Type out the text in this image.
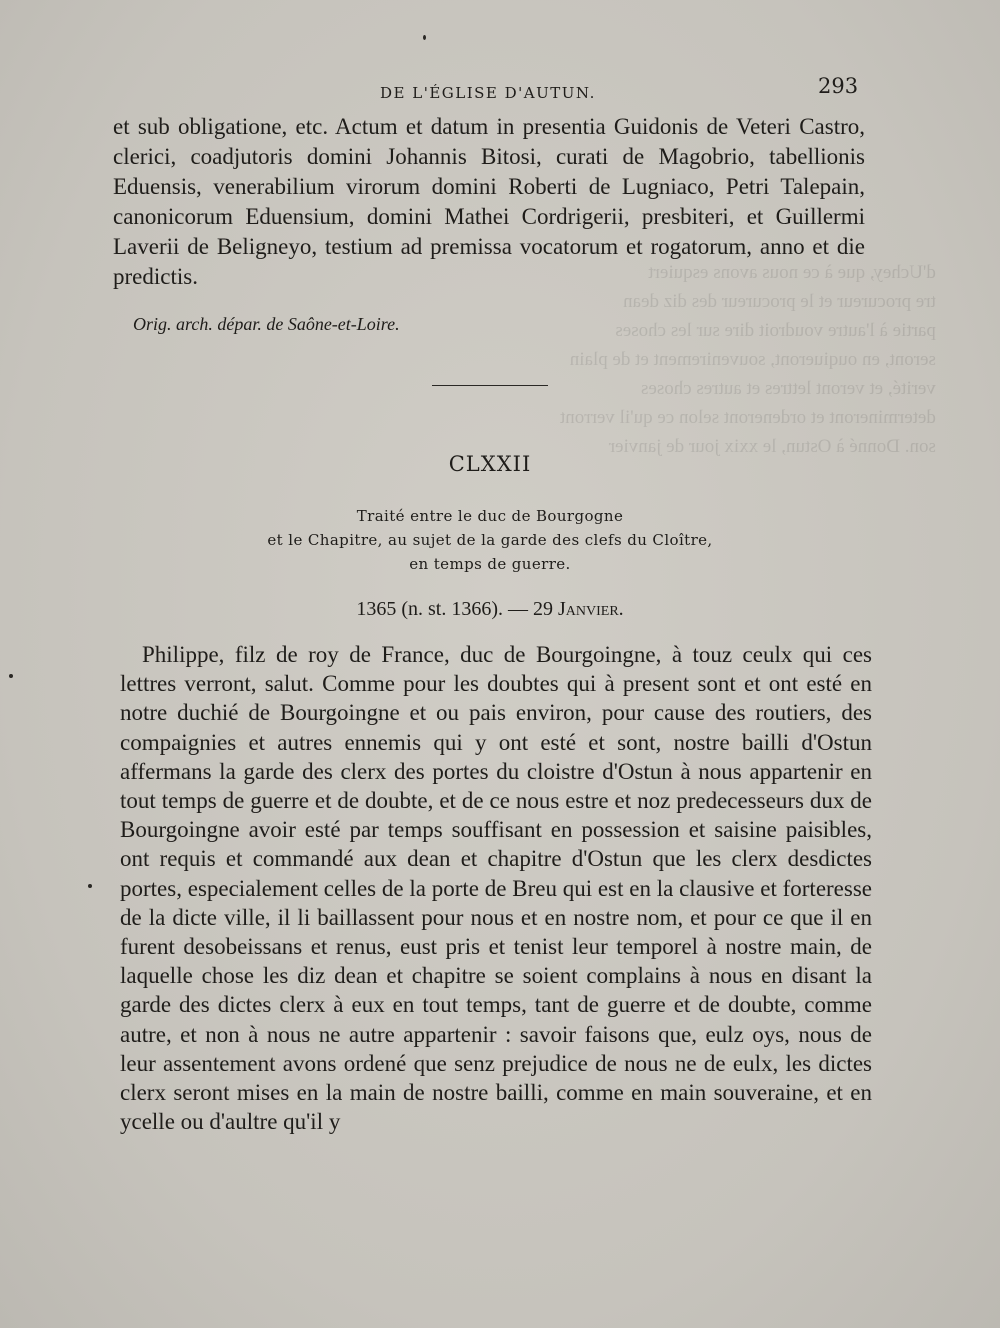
d'Uchey, que à ce nous avons esquiert
tre procureur et le procureur des diz dean
partie à l'autre voudroit dire sur les choses
seront, en ouqiueront, souvenirement et de plain
verité, et veront lettres et autres choses
determineront et ordeneront selon ce qu'il verront
son. Donné à Ostun, le xxix jour de janvier
DE L'ÉGLISE D'AUTUN.	293
et sub obligatione, etc. Actum et datum in presentia Guidonis de Veteri Castro, clerici, coadjutoris domini Johannis Bitosi, curati de Magobrio, tabellionis Eduensis, venerabilium virorum domini Roberti de Lugniaco, Petri Talepain, canonicorum Eduensium, domini Mathei Cordrigerii, presbiteri, et Guillermi Laverii de Beligneyo, testium ad premissa vocatorum et rogatorum, anno et die predictis.
Orig. arch. dépar. de Saône-et-Loire.
CLXXII
Traité entre le duc de Bourgogne
et le Chapitre, au sujet de la garde des clefs du Cloître,
en temps de guerre.
1365 (n. st. 1366). — 29 Janvier.
Philippe, filz de roy de France, duc de Bourgoingne, à touz ceulx qui ces lettres verront, salut. Comme pour les doubtes qui à present sont et ont esté en notre duchié de Bourgoingne et ou pais environ, pour cause des routiers, des compaignies et autres ennemis qui y ont esté et sont, nostre bailli d'Ostun affermans la garde des clerx des portes du cloistre d'Ostun à nous appartenir en tout temps de guerre et de doubte, et de ce nous estre et noz predecesseurs dux de Bourgoingne avoir esté par temps souffisant en possession et saisine paisibles, ont requis et commandé aux dean et chapitre d'Ostun que les clerx desdictes portes, especialement celles de la porte de Breu qui est en la clausive et forteresse de la dicte ville, il li baillassent pour nous et en nostre nom, et pour ce que il en furent desobeissans et renus, eust pris et tenist leur temporel à nostre main, de laquelle chose les diz dean et chapitre se soient complains à nous en disant la garde des dictes clerx à eux en tout temps, tant de guerre et de doubte, comme autre, et non à nous ne autre appartenir : savoir faisons que, eulz oys, nous de leur assentement avons ordené que senz prejudice de nous ne de eulx, les dictes clerx seront mises en la main de nostre bailli, comme en main souveraine, et en ycelle ou d'aultre qu'il y
